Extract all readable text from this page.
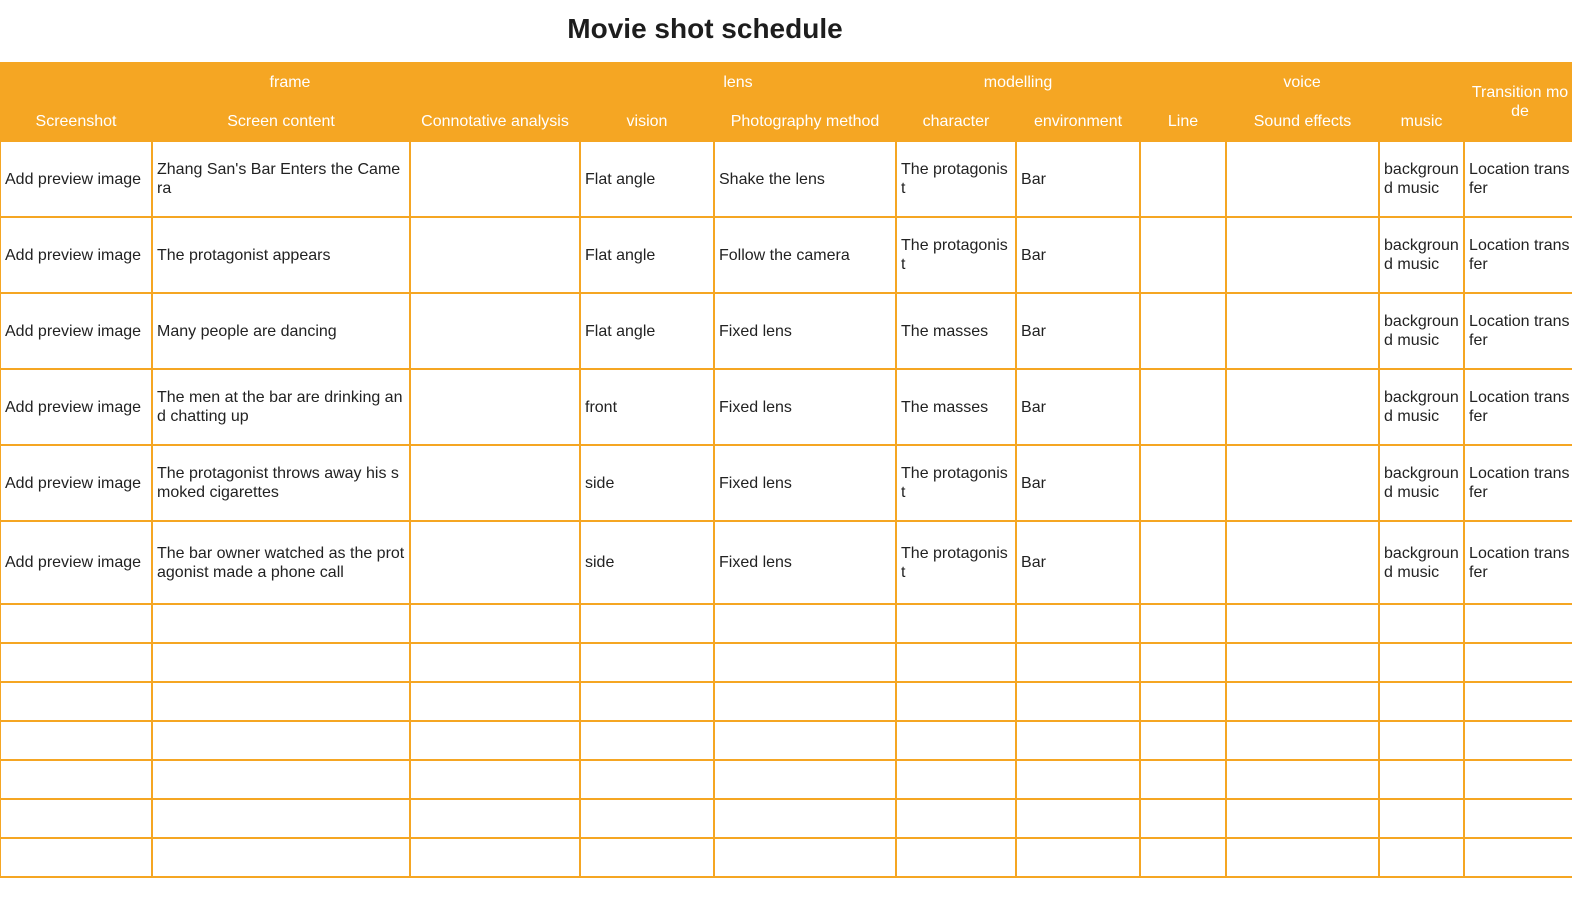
Movie shot schedule
frame			lens		modelling		voice			Transition mode
Screenshot	Screen content	Connotative analysis	vision	Photography method	character	environment	Line	Sound effects	music	
Add preview image	Zhang San's Bar Enters the Camera		Flat angle	Shake the lens	The protagonist	Bar			background music	Location transfer
Add preview image	The protagonist appears		Flat angle	Follow the camera	The protagonist	Bar			background music	Location transfer
Add preview image	Many people are dancing		Flat angle	Fixed lens	The masses	Bar			background music	Location transfer
Add preview image	The men at the bar are drinking and chatting up		front	Fixed lens	The masses	Bar			background music	Location transfer
Add preview image	The protagonist throws away his smoked cigarettes		side	Fixed lens	The protagonist	Bar			background music	Location transfer
Add preview image	The bar owner watched as the protagonist made a phone call		side	Fixed lens	The protagonist	Bar			background music	Location transfer
